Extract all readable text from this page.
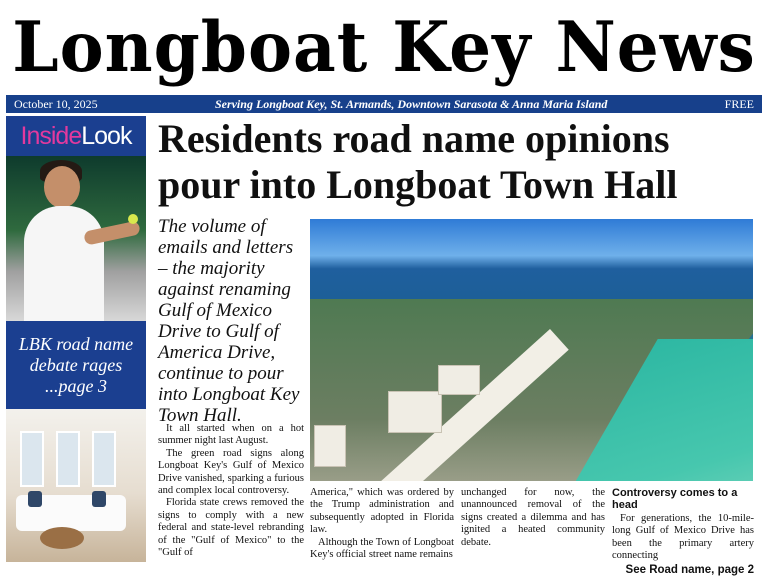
Longboat Key News
October 10, 2025	Serving Longboat Key, St. Armands, Downtown Sarasota & Anna Maria Island	FREE
Inside Look
LBK road name debate rages ...page 3
Residents road name opinions pour into Longboat Town Hall
The volume of emails and letters – the majority against renaming Gulf of Mexico Drive to Gulf of America Drive, continue to pour into Longboat Key Town Hall.

It all started when on a hot summer night last August.

The green road signs along Longboat Key's Gulf of Mexico Drive vanished, sparking a furious and complex local controversy.

Florida state crews removed the signs to comply with a new federal and state-level rebranding of the "Gulf of Mexico" to the "Gulf of

America," which was ordered by the Trump administration and subsequently adopted in Florida law.

Although the Town of Longboat Key's official street name remains

unchanged for now, the unannounced removal of the signs created a dilemma and has ignited a heated community debate.

Controversy comes to a head

For generations, the 10-mile-long Gulf of Mexico Drive has been the primary artery connecting

See Road name, page 2
